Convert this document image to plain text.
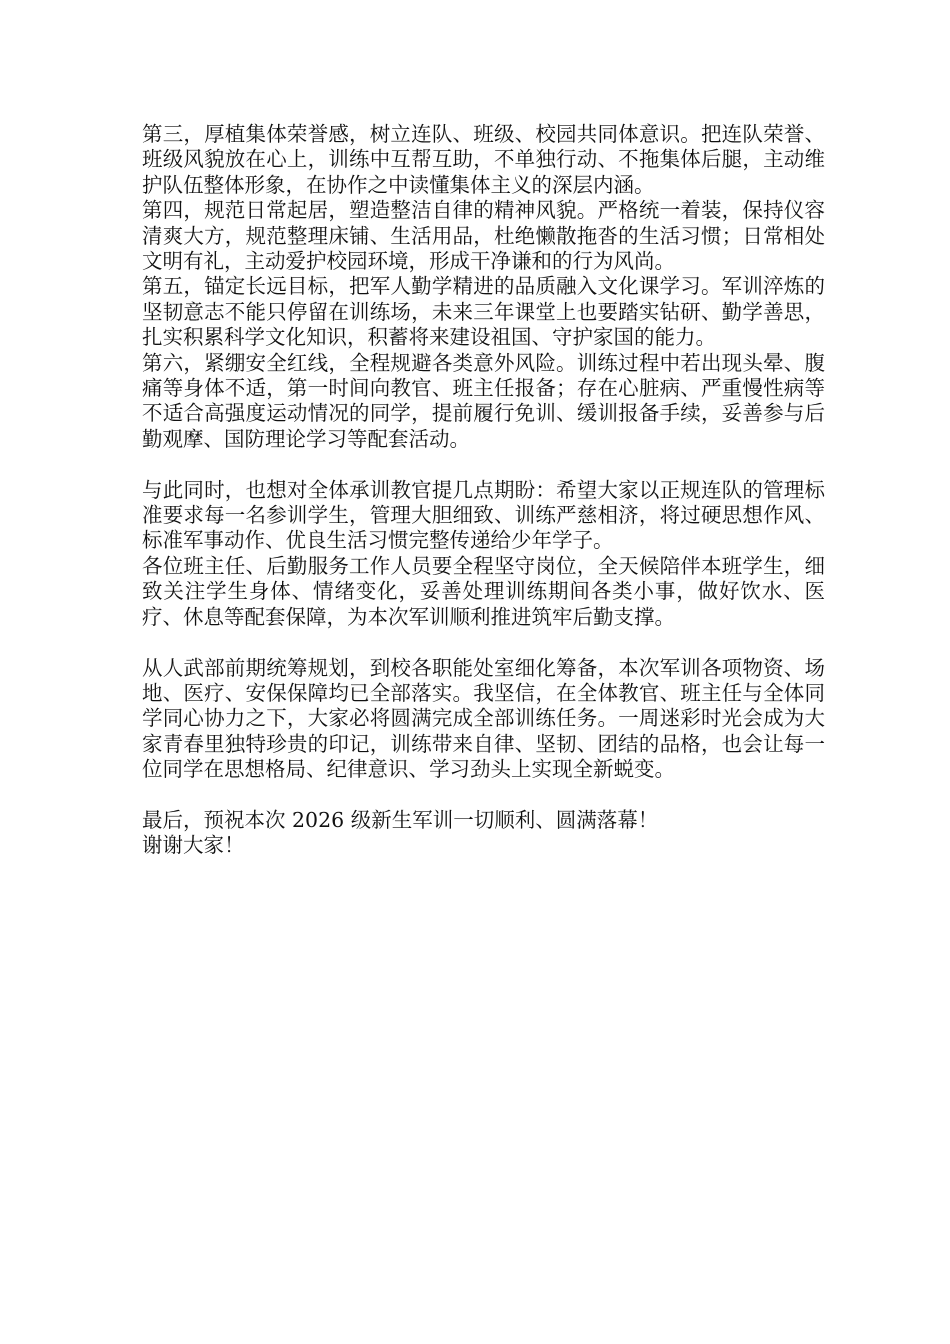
第三，厚植集体荣誉感，树立连队、班级、校园共同体意识。把连队荣誉、班级风貌放在心上，训练中互帮互助，不单独行动、不拖集体后腿，主动维护队伍整体形象，在协作之中读懂集体主义的深层内涵。

第四，规范日常起居，塑造整洁自律的精神风貌。严格统一着装，保持仪容清爽大方，规范整理床铺、生活用品，杜绝懒散拖沓的生活习惯；日常相处文明有礼，主动爱护校园环境，形成干净谦和的行为风尚。

第五，锚定长远目标，把军人勤学精进的品质融入文化课学习。军训淬炼的坚韧意志不能只停留在训练场，未来三年课堂上也要踏实钻研、勤学善思，扎实积累科学文化知识，积蓄将来建设祖国、守护家国的能力。

第六，紧绷安全红线，全程规避各类意外风险。训练过程中若出现头晕、腹痛等身体不适，第一时间向教官、班主任报备；存在心脏病、严重慢性病等不适合高强度运动情况的同学，提前履行免训、缓训报备手续，妥善参与后勤观摩、国防理论学习等配套活动。

与此同时，也想对全体承训教官提几点期盼：希望大家以正规连队的管理标准要求每一名参训学生，管理大胆细致、训练严慈相济，将过硬思想作风、标准军事动作、优良生活习惯完整传递给少年学子。

各位班主任、后勤服务工作人员要全程坚守岗位，全天候陪伴本班学生，细致关注学生身体、情绪变化，妥善处理训练期间各类小事，做好饮水、医疗、休息等配套保障，为本次军训顺利推进筑牢后勤支撑。

从人武部前期统筹规划，到校各职能处室细化筹备，本次军训各项物资、场地、医疗、安保保障均已全部落实。我坚信，在全体教官、班主任与全体同学同心协力之下，大家必将圆满完成全部训练任务。一周迷彩时光会成为大家青春里独特珍贵的印记，训练带来自律、坚韧、团结的品格，也会让每一位同学在思想格局、纪律意识、学习劲头上实现全新蜕变。

最后，预祝本次 2026 级新生军训一切顺利、圆满落幕！

谢谢大家！
